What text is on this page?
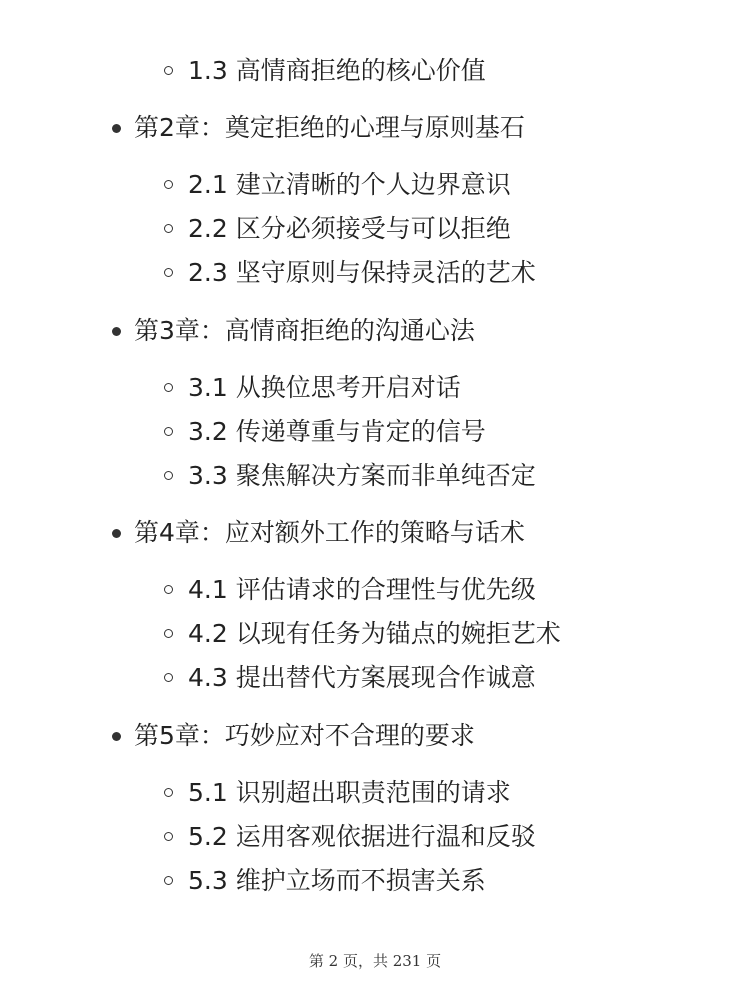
1.3 高情商拒绝的核心价值
第2章：奠定拒绝的心理与原则基石
2.1 建立清晰的个人边界意识
2.2 区分必须接受与可以拒绝
2.3 坚守原则与保持灵活的艺术
第3章：高情商拒绝的沟通心法
3.1 从换位思考开启对话
3.2 传递尊重与肯定的信号
3.3 聚焦解决方案而非单纯否定
第4章：应对额外工作的策略与话术
4.1 评估请求的合理性与优先级
4.2 以现有任务为锚点的婉拒艺术
4.3 提出替代方案展现合作诚意
第5章：巧妙应对不合理的要求
5.1 识别超出职责范围的请求
5.2 运用客观依据进行温和反驳
5.3 维护立场而不损害关系
第 2 页，共 231 页
